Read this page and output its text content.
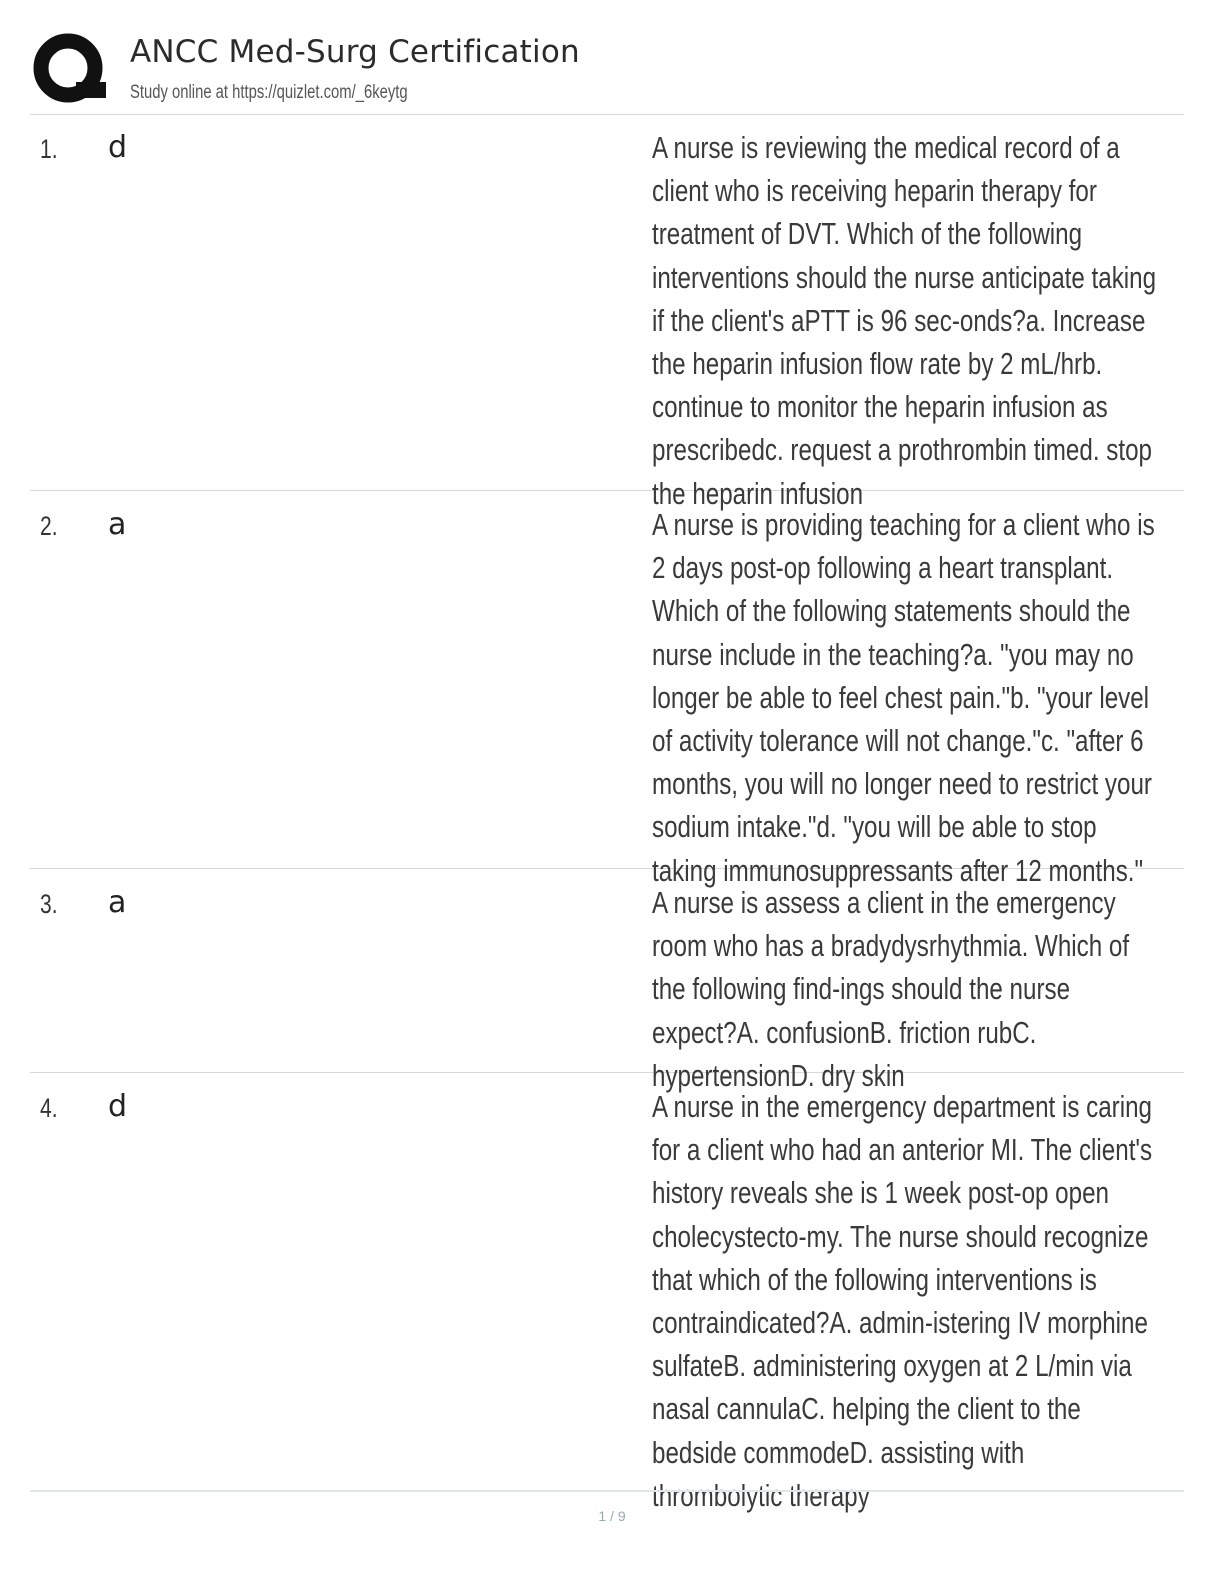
ANCC Med-Surg Certification
Study online at https://quizlet.com/_6keytg
1. d	A nurse is reviewing the medical record of a client who is receiving heparin therapy for treatment of DVT. Which of the following interventions should the nurse anticipate taking if the client's aPTT is 96 sec-onds?a. Increase the heparin infusion flow rate by 2 mL/hrb. continue to monitor the heparin infusion as prescribedc. request a prothrombin timed. stop the heparin infusion
2. a	A nurse is providing teaching for a client who is 2 days post-op following a heart transplant. Which of the following statements should the nurse include in the teaching?a. "you may no longer be able to feel chest pain."b. "your level of activity tolerance will not change."c. "after 6 months, you will no longer need to restrict your sodium intake."d. "you will be able to stop taking immunosuppressants after 12 months."
3. a	A nurse is assess a client in the emergency room who has a bradydysrhythmia. Which of the following find-ings should the nurse expect?A. confusionB. friction rubC. hypertensionD. dry skin
4. d	A nurse in the emergency department is caring for a client who had an anterior MI. The client's history reveals she is 1 week post-op open cholecystecto-my. The nurse should recognize that which of the following interventions is contraindicated?A. admin-istering IV morphine sulfateB. administering oxygen at 2 L/min via nasal cannulaC. helping the client to the bedside commodeD. assisting with thrombolytic therapy
1 / 9
